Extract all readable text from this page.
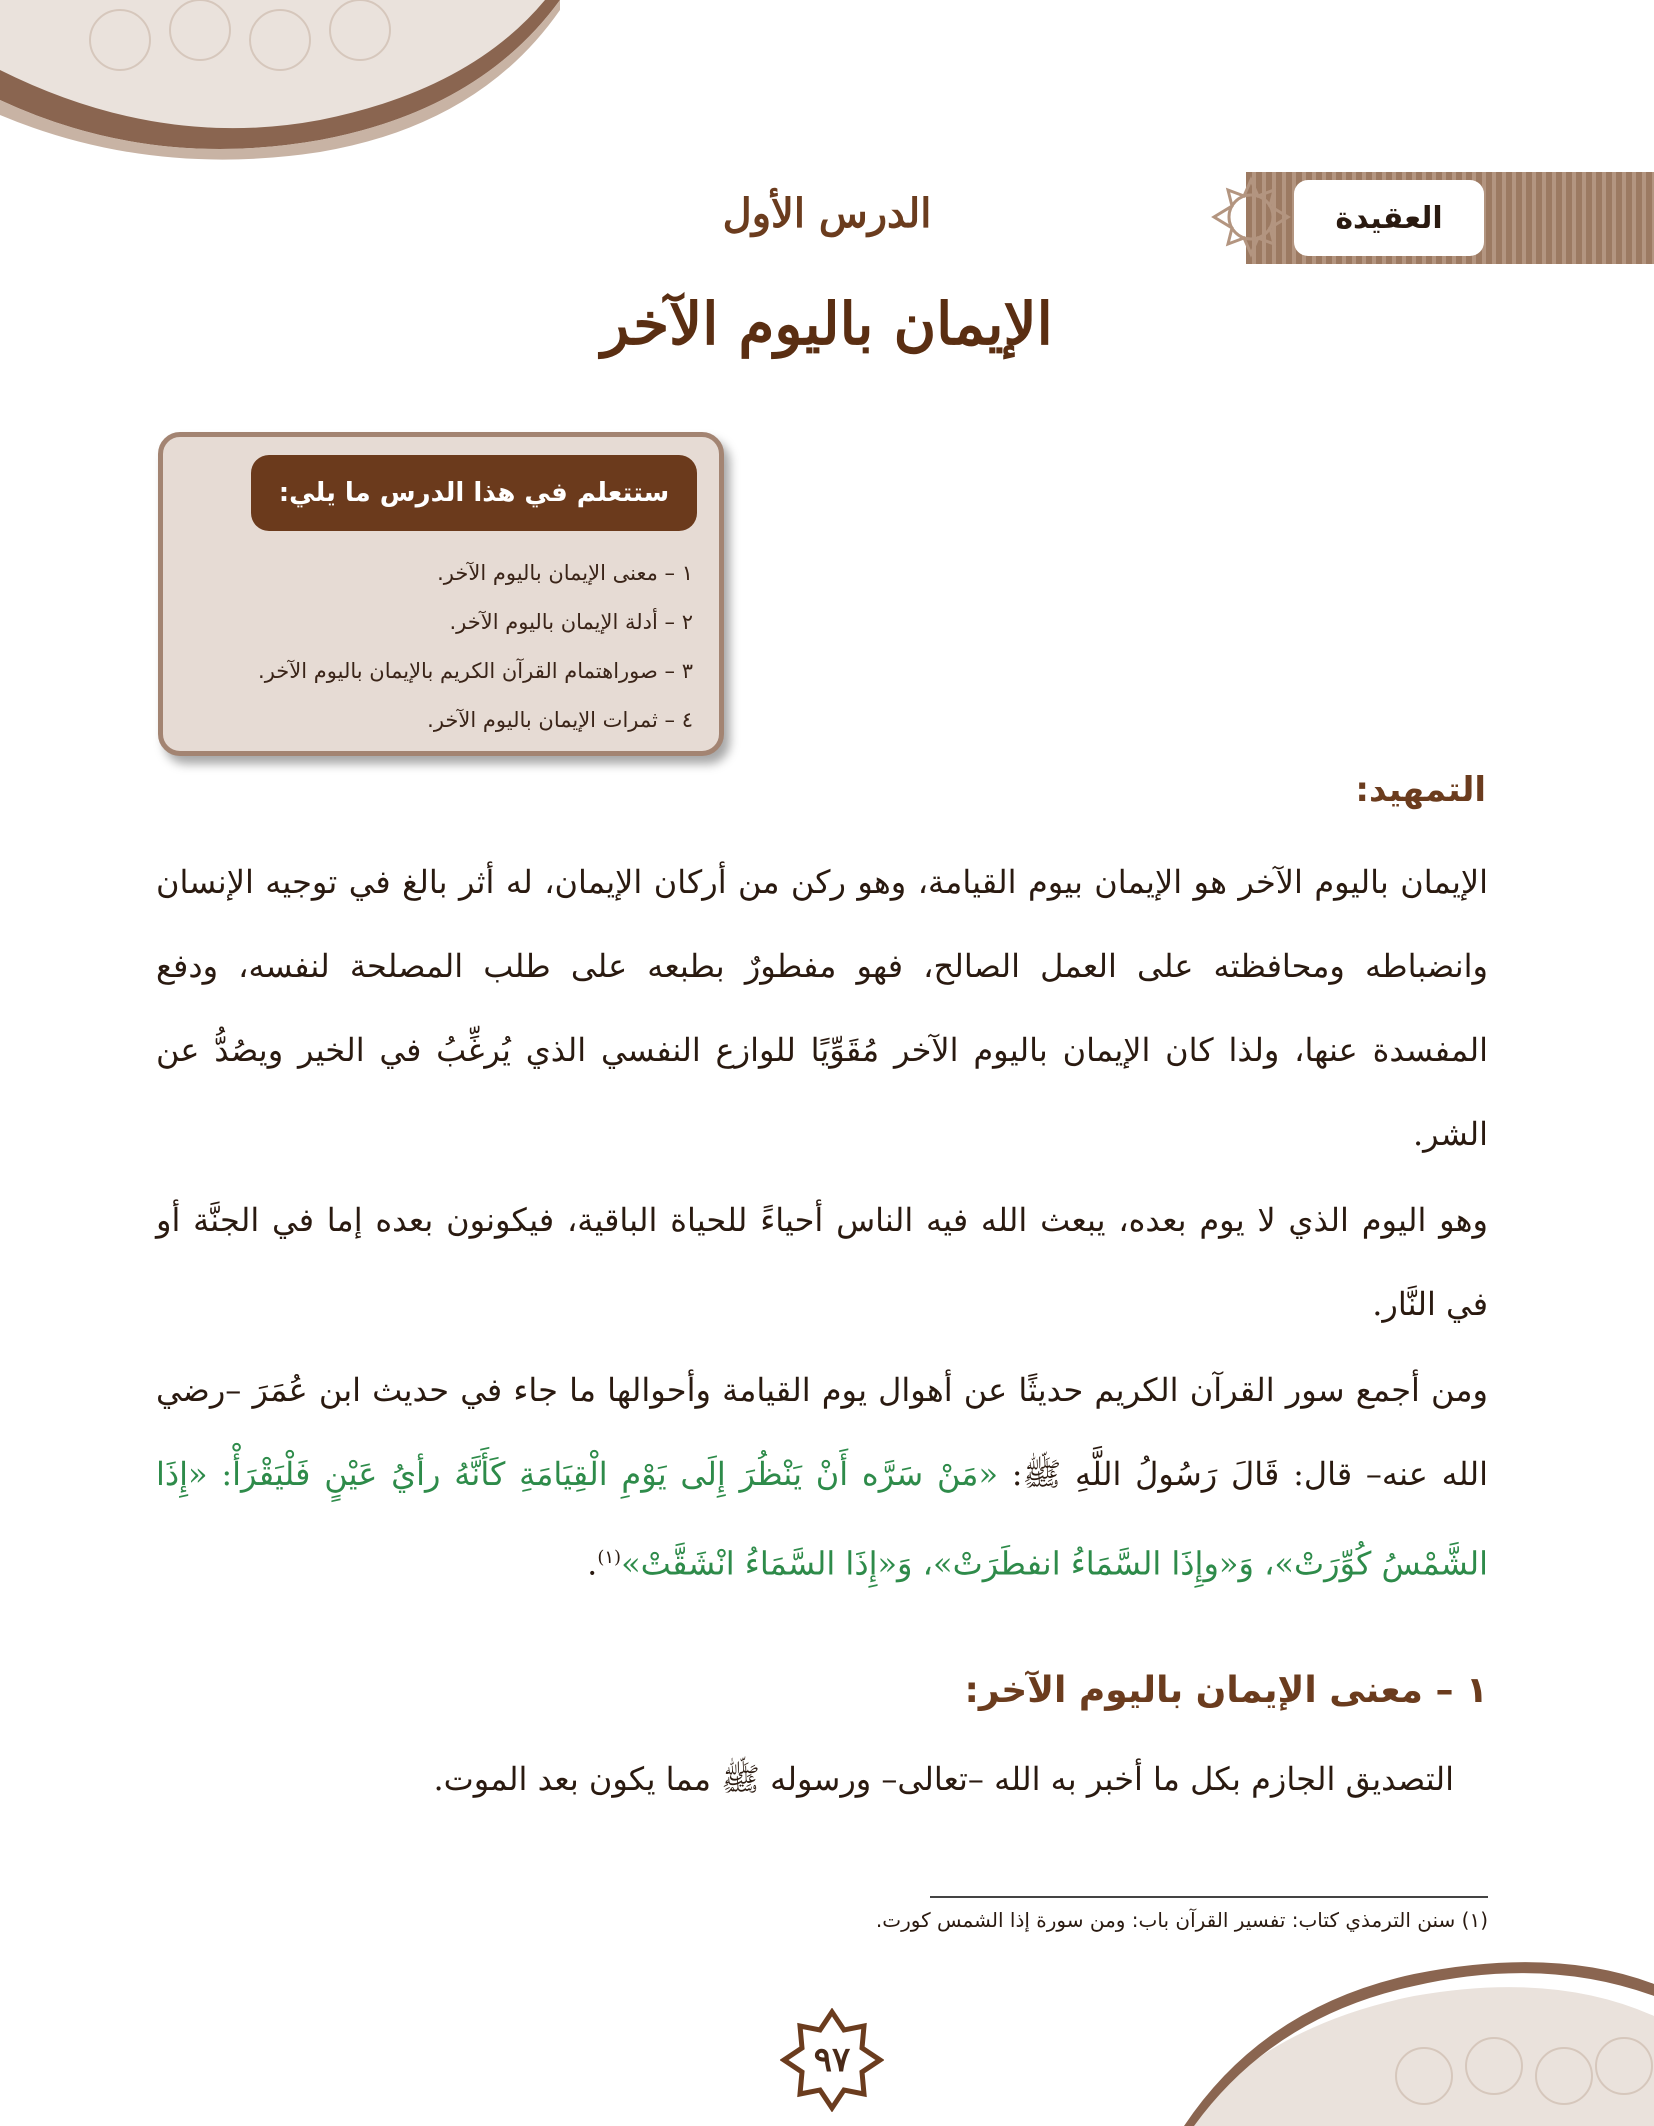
العقيدة
الدرس الأول
الإيمان باليوم الآخر
ستتعلم في هذا الدرس ما يلي:
١ – معنى الإيمان باليوم الآخر.
٢ – أدلة الإيمان باليوم الآخر.
٣ – صوراهتمام القرآن الكريم بالإيمان باليوم الآخر.
٤ – ثمرات الإيمان باليوم الآخر.
التمهيد:

الإيمان باليوم الآخر هو الإيمان بيوم القيامة، وهو ركن من أركان الإيمان، له أثر بالغ في توجيه الإنسان وانضباطه ومحافظته على العمل الصالح، فهو مفطورٌ بطبعه على طلب المصلحة لنفسه، ودفع المفسدة عنها، ولذا كان الإيمان باليوم الآخر مُقَوِّيًا للوازع النفسي الذي يُرغِّبُ في الخير ويصُدُّ عن الشر.

وهو اليوم الذي لا يوم بعده، يبعث الله فيه الناس أحياءً للحياة الباقية، فيكونون بعده إما في الجنَّة أو في النَّار.

ومن أجمع سور القرآن الكريم حديثًا عن أهوال يوم القيامة وأحوالها ما جاء في حديث ابن عُمَرَ –رضي الله عنه– قال: قَالَ رَسُولُ اللَّهِ ﷺ: «مَنْ سَرَّه أَنْ يَنْظُرَ إِلَى يَوْمِ الْقِيَامَةِ كَأَنَّهُ رأيُ عَيْنٍ فَلْيَقْرَأْ: «إِذَا الشَّمْسُ كُوِّرَتْ»، وَ«وإِذَا السَّمَاءُ انفطَرَتْ»، وَ«إِذَا السَّمَاءُ انْشَقَّتْ»$^{(١)}$.

١ – معنى الإيمان باليوم الآخر:

التصديق الجازم بكل ما أخبر به الله –تعالى– ورسوله ﷺ مما يكون بعد الموت.

(١) سنن الترمذي كتاب: تفسير القرآن باب: ومن سورة إذا الشمس كورت.
٩٧
